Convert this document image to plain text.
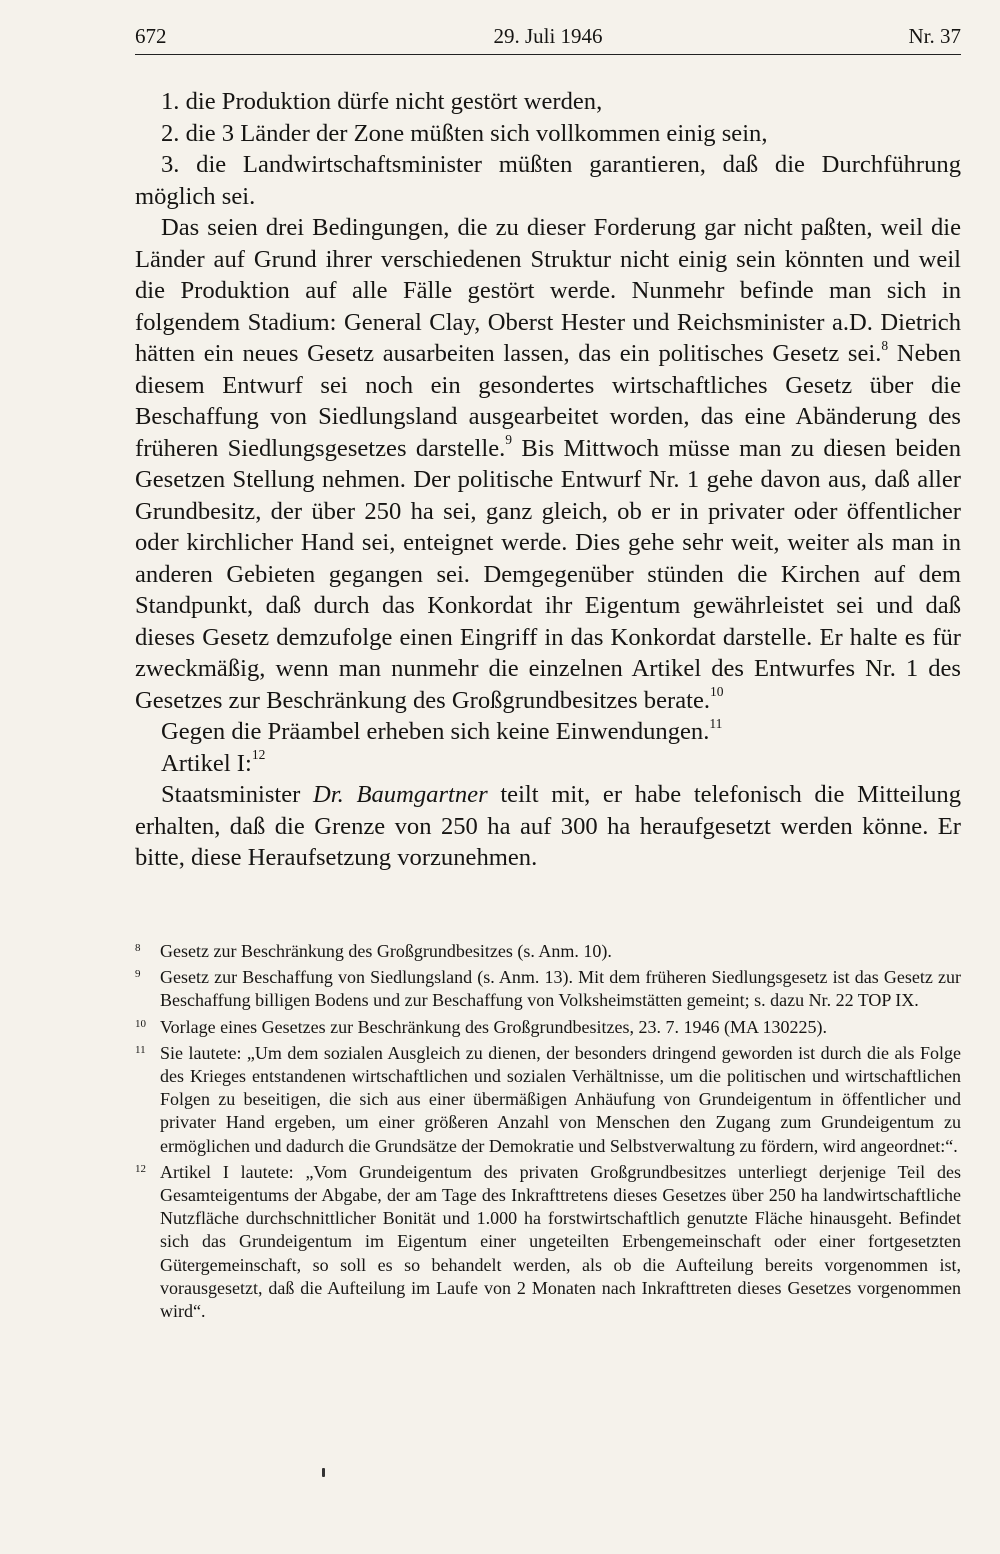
672	29. Juli 1946	Nr. 37

1. die Produktion dürfe nicht gestört werden,

2. die 3 Länder der Zone müßten sich vollkommen einig sein,

3. die Landwirtschaftsminister müßten garantieren, daß die Durchführung möglich sei.

Das seien drei Bedingungen, die zu dieser Forderung gar nicht paßten, weil die Länder auf Grund ihrer verschiedenen Struktur nicht einig sein könnten und weil die Produktion auf alle Fälle gestört werde. Nunmehr befinde man sich in folgendem Stadium: General Clay, Oberst Hester und Reichsminister a.D. Dietrich hätten ein neues Gesetz ausarbeiten lassen, das ein politisches Gesetz sei.$^8$ Neben diesem Entwurf sei noch ein gesondertes wirtschaftliches Gesetz über die Beschaffung von Siedlungsland ausgearbeitet worden, das eine Abänderung des früheren Siedlungsgesetzes darstelle.$^9$ Bis Mittwoch müsse man zu diesen beiden Gesetzen Stellung nehmen. Der politische Entwurf Nr. 1 gehe davon aus, daß aller Grundbesitz, der über 250 ha sei, ganz gleich, ob er in privater oder öffentlicher oder kirchlicher Hand sei, enteignet werde. Dies gehe sehr weit, weiter als man in anderen Gebieten gegangen sei. Demgegenüber stünden die Kirchen auf dem Standpunkt, daß durch das Konkordat ihr Eigentum gewährleistet sei und daß dieses Gesetz demzufolge einen Eingriff in das Konkordat darstelle. Er halte es für zweckmäßig, wenn man nunmehr die einzelnen Artikel des Entwurfes Nr. 1 des Gesetzes zur Beschränkung des Großgrundbesitzes berate.$^{10}$

Gegen die Präambel erheben sich keine Einwendungen.$^{11}$

Artikel I:$^{12}$

Staatsminister Dr. Baumgartner teilt mit, er habe telefonisch die Mitteilung erhalten, daß die Grenze von 250 ha auf 300 ha heraufgesetzt werden könne. Er bitte, diese Heraufsetzung vorzunehmen.

8 Gesetz zur Beschränkung des Großgrundbesitzes (s. Anm. 10).

9 Gesetz zur Beschaffung von Siedlungsland (s. Anm. 13). Mit dem früheren Siedlungsgesetz ist das Gesetz zur Beschaffung billigen Bodens und zur Beschaffung von Volksheimstätten gemeint; s. dazu Nr. 22 TOP IX.

10 Vorlage eines Gesetzes zur Beschränkung des Großgrundbesitzes, 23. 7. 1946 (MA 130225).

11 Sie lautete: „Um dem sozialen Ausgleich zu dienen, der besonders dringend geworden ist durch die als Folge des Krieges entstandenen wirtschaftlichen und sozialen Verhältnisse, um die politischen und wirtschaftlichen Folgen zu beseitigen, die sich aus einer übermäßigen Anhäufung von Grundeigentum in öffentlicher und privater Hand ergeben, um einer größeren Anzahl von Menschen den Zugang zum Grundeigentum zu ermöglichen und dadurch die Grundsätze der Demokratie und Selbstverwaltung zu fördern, wird angeordnet:“.

12 Artikel I lautete: „Vom Grundeigentum des privaten Großgrundbesitzes unterliegt derjenige Teil des Gesamteigentums der Abgabe, der am Tage des Inkrafttretens dieses Gesetzes über 250 ha landwirtschaftliche Nutzfläche durchschnittlicher Bonität und 1.000 ha forstwirtschaftlich genutzte Fläche hinausgeht. Befindet sich das Grundeigentum im Eigentum einer ungeteilten Erbengemeinschaft oder einer fortgesetzten Gütergemeinschaft, so soll es so behandelt werden, als ob die Aufteilung bereits vorgenommen ist, vorausgesetzt, daß die Aufteilung im Laufe von 2 Monaten nach Inkrafttreten dieses Gesetzes vorgenommen wird“.
